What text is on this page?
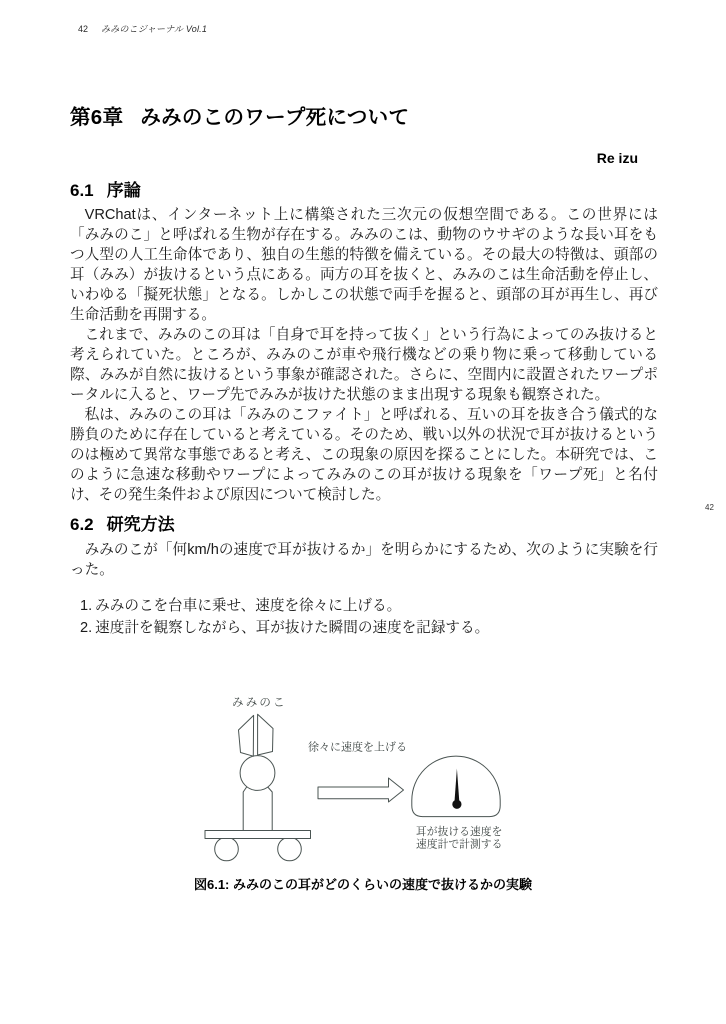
42 みみのこジャーナル Vol.1
第6章 みみのこのワープ死について
Re izu
6.1 序論

VRChatは、インターネット上に構築された三次元の仮想空間である。この世界には「みみのこ」と呼ばれる生物が存在する。みみのこは、動物のウサギのような長い耳をもつ人型の人工生命体であり、独自の生態的特徴を備えている。その最大の特徴は、頭部の耳（みみ）が抜けるという点にある。両方の耳を抜くと、みみのこは生命活動を停止し、いわゆる「擬死状態」となる。しかしこの状態で両手を握ると、頭部の耳が再生し、再び生命活動を再開する。

これまで、みみのこの耳は「自身で耳を持って抜く」という行為によってのみ抜けると考えられていた。ところが、みみのこが車や飛行機などの乗り物に乗って移動している際、みみが自然に抜けるという事象が確認された。さらに、空間内に設置されたワープポータルに入ると、ワープ先でみみが抜けた状態のまま出現する現象も観察された。

私は、みみのこの耳は「みみのこファイト」と呼ばれる、互いの耳を抜き合う儀式的な勝負のために存在していると考えている。そのため、戦い以外の状況で耳が抜けるというのは極めて異常な事態であると考え、この現象の原因を探ることにした。本研究では、このように急速な移動やワープによってみみのこの耳が抜ける現象を「ワープ死」と名付け、その発生条件および原因について検討した。

42
6.2 研究方法

みみのこが「何km/hの速度で耳が抜けるか」を明らかにするため、次のように実験を行った。

1. みみのこを台車に乗せ、速度を徐々に上げる。
2. 速度計を観察しながら、耳が抜けた瞬間の速度を記録する。
みみのこ
徐々に速度を上げる
耳が抜ける速度を
速度計で計測する
図6.1: みみのこの耳がどのくらいの速度で抜けるかの実験
